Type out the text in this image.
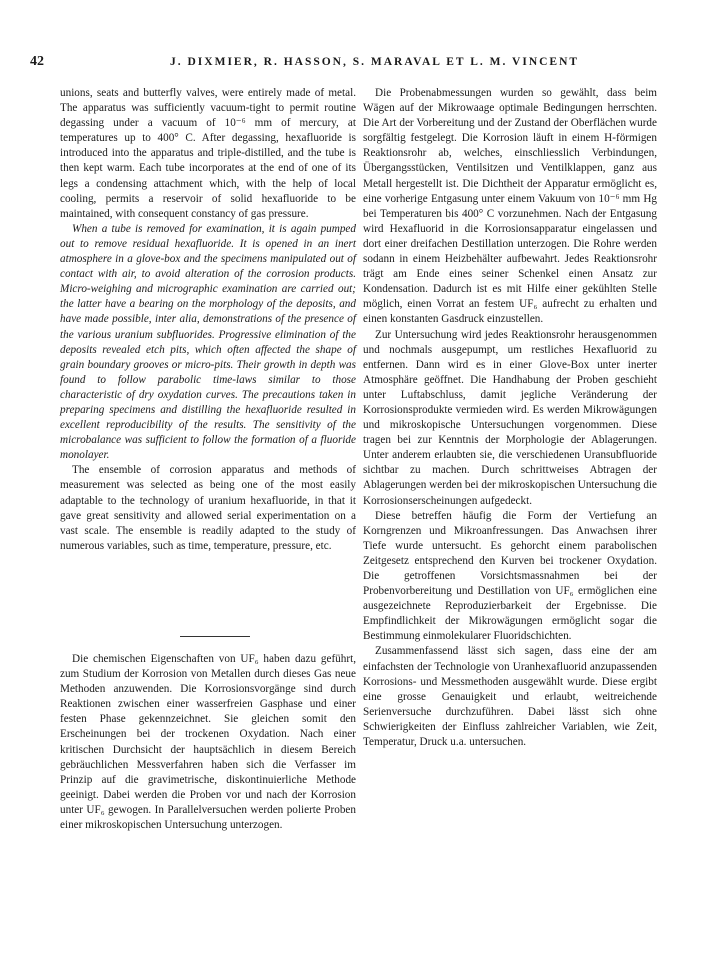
42	J. DIXMIER, R. HASSON, S. MARAVAL ET L. M. VINCENT

unions, seats and butterfly valves, were entirely made of metal. The apparatus was sufficiently vacuum-tight to permit routine degassing under a vacuum of 10⁻⁶ mm of mercury, at temperatures up to 400° C. After degassing, hexafluoride is introduced into the apparatus and triple-distilled, and the tube is then kept warm. Each tube incorporates at the end of one of its legs a condensing attachment which, with the help of local cooling, permits a reservoir of solid hexafluoride to be maintained, with consequent constancy of gas pressure.

When a tube is removed for examination, it is again pumped out to remove residual hexafluoride. It is opened in an inert atmosphere in a glove-box and the specimens manipulated out of contact with air, to avoid alteration of the corrosion products. Micro-weighing and micrographic examination are carried out; the latter have a bearing on the morphology of the deposits, and have made possible, inter alia, demonstrations of the presence of the various uranium subfluorides. Progressive elimination of the deposits revealed etch pits, which often affected the shape of grain boundary grooves or micro-pits. Their growth in depth was found to follow parabolic time-laws similar to those characteristic of dry oxydation curves. The precautions taken in preparing specimens and distilling the hexafluoride resulted in excellent reproducibility of the results. The sensitivity of the microbalance was sufficient to follow the formation of a fluoride monolayer.

The ensemble of corrosion apparatus and methods of measurement was selected as being one of the most easily adaptable to the technology of uranium hexafluoride, in that it gave great sensitivity and allowed serial experimentation on a vast scale. The ensemble is readily adapted to the study of numerous variables, such as time, temperature, pressure, etc.

Die chemischen Eigenschaften von UF₆ haben dazu geführt, zum Studium der Korrosion von Metallen durch dieses Gas neue Methoden anzuwenden. Die Korrosionsvorgänge sind durch Reaktionen zwischen einer wasserfreien Gasphase und einer festen Phase gekennzeichnet. Sie gleichen somit den Erscheinungen bei der trockenen Oxydation. Nach einer kritischen Durchsicht der hauptsächlich in diesem Bereich gebräuchlichen Messverfahren haben sich die Verfasser im Prinzip auf die gravimetrische, diskontinuierliche Methode geeinigt. Dabei werden die Proben vor und nach der Korrosion unter UF₆ gewogen. In Parallelversuchen werden polierte Proben einer mikroskopischen Untersuchung unterzogen.

Die Probenabmessungen wurden so gewählt, dass beim Wägen auf der Mikrowaage optimale Bedingungen herrschten. Die Art der Vorbereitung und der Zustand der Oberflächen wurde sorgfältig festgelegt. Die Korrosion läuft in einem H-förmigen Reaktionsrohr ab, welches, einschliesslich Verbindungen, Übergangsstücken, Ventilsitzen und Ventilklappen, ganz aus Metall hergestellt ist. Die Dichtheit der Apparatur ermöglicht es, eine vorherige Entgasung unter einem Vakuum von 10⁻⁶ mm Hg bei Temperaturen bis 400° C vorzunehmen. Nach der Entgasung wird Hexafluorid in die Korrosionsapparatur eingelassen und dort einer dreifachen Destillation unterzogen. Die Rohre werden sodann in einem Heizbehälter aufbewahrt. Jedes Reaktionsrohr trägt am Ende eines seiner Schenkel einen Ansatz zur Kondensation. Dadurch ist es mit Hilfe einer gekühlten Stelle möglich, einen Vorrat an festem UF₆ aufrecht zu erhalten und einen konstanten Gasdruck einzustellen.

Zur Untersuchung wird jedes Reaktionsrohr herausgenommen und nochmals ausgepumpt, um restliches Hexafluorid zu entfernen. Dann wird es in einer Glove-Box unter inerter Atmosphäre geöffnet. Die Handhabung der Proben geschieht unter Luftabschluss, damit jegliche Veränderung der Korrosionsprodukte vermieden wird. Es werden Mikrowägungen und mikroskopische Untersuchungen vorgenommen. Diese tragen bei zur Kenntnis der Morphologie der Ablagerungen. Unter anderem erlaubten sie, die verschiedenen Uransubfluoride sichtbar zu machen. Durch schrittweises Abtragen der Ablagerungen werden bei der mikroskopischen Untersuchung die Korrosionserscheinungen aufgedeckt.

Diese betreffen häufig die Form der Vertiefung an Korngrenzen und Mikroanfressungen. Das Anwachsen ihrer Tiefe wurde untersucht. Es gehorcht einem parabolischen Zeitgesetz entsprechend den Kurven bei trockener Oxydation. Die getroffenen Vorsichtsmassnahmen bei der Probenvorbereitung und Destillation von UF₆ ermöglichen eine ausgezeichnete Reproduzierbarkeit der Ergebnisse. Die Empfindlichkeit der Mikrowägungen ermöglicht sogar die Bestimmung einmolekularer Fluoridschichten.

Zusammenfassend lässt sich sagen, dass eine der am einfachsten der Technologie von Uranhexafluorid anzupassenden Korrosions- und Messmethoden ausgewählt wurde. Diese ergibt eine grosse Genauigkeit und erlaubt, weitreichende Serienversuche durchzuführen. Dabei lässt sich ohne Schwierigkeiten der Einfluss zahlreicher Variablen, wie Zeit, Temperatur, Druck u.a. untersuchen.
